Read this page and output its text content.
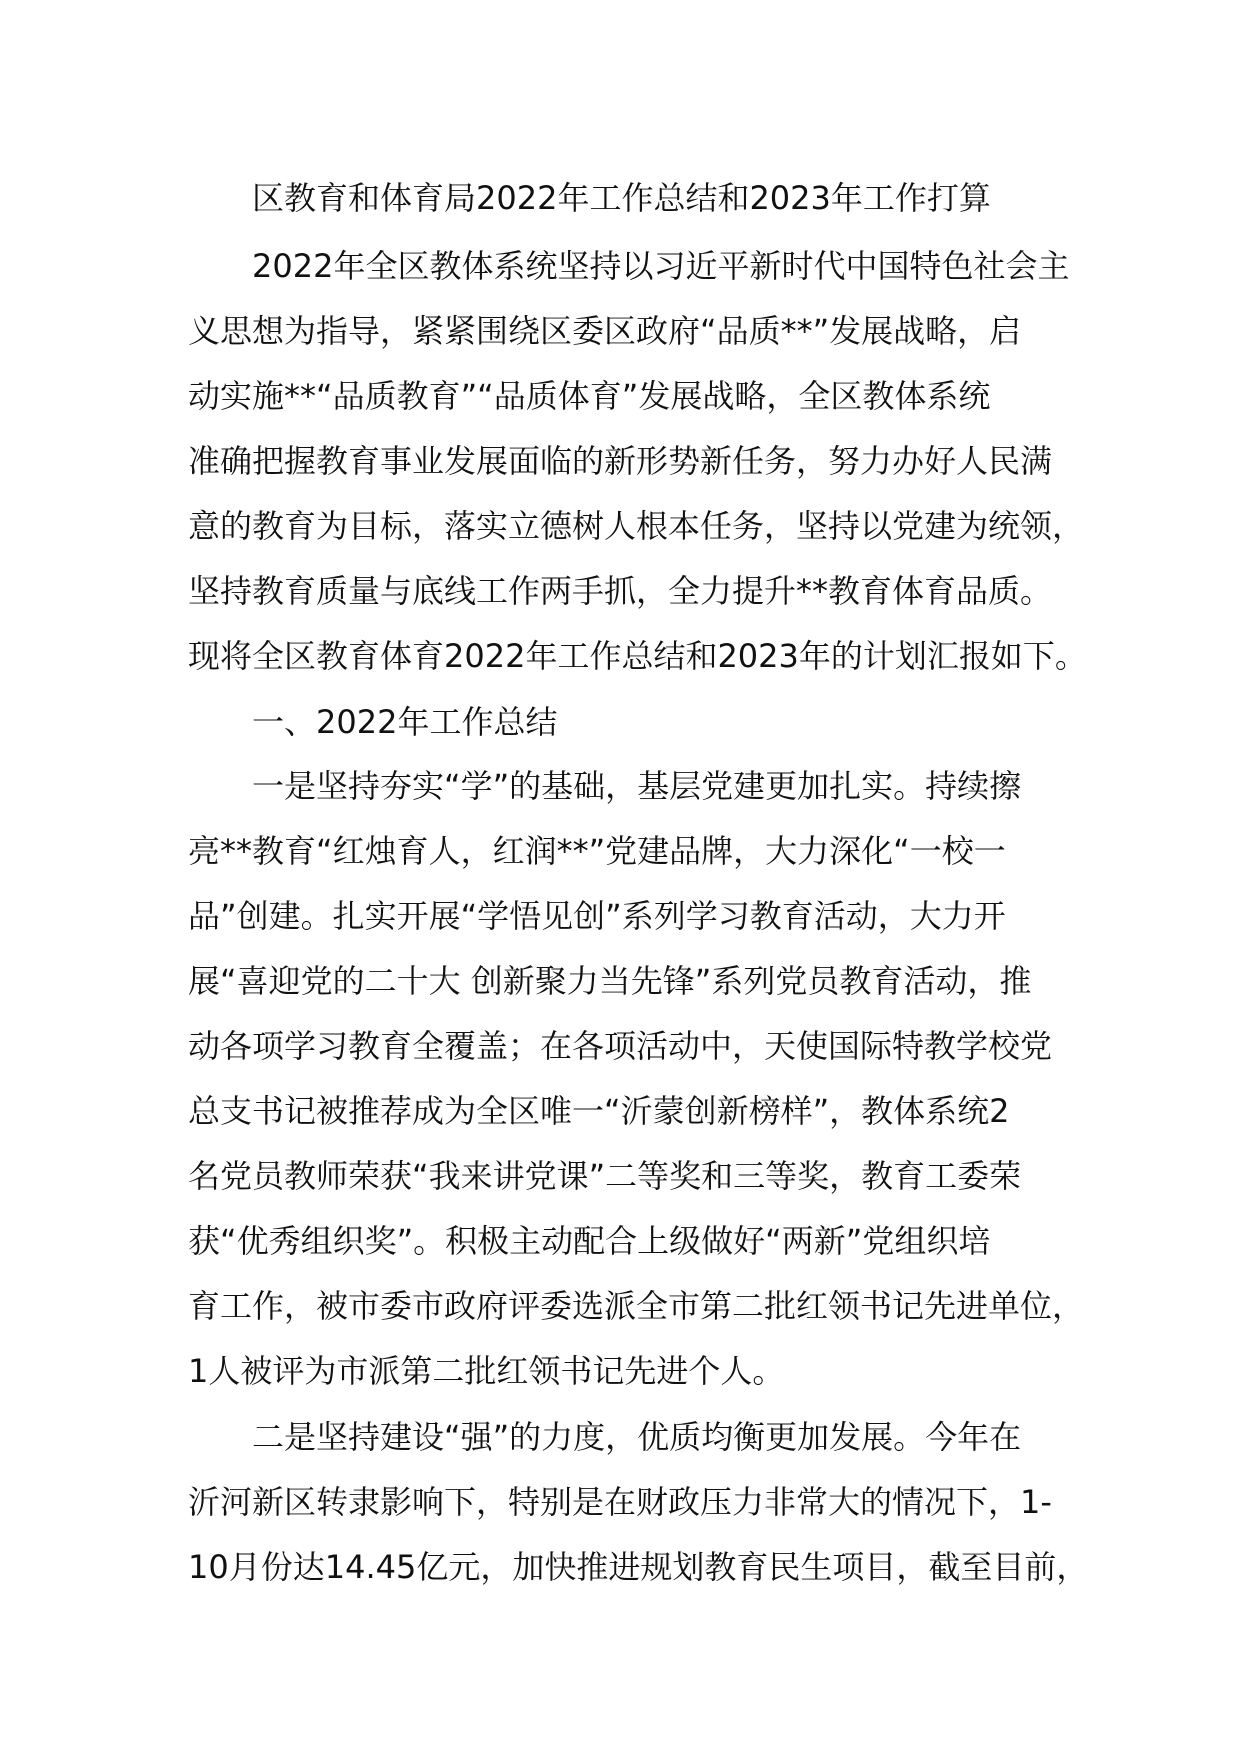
区教育和体育局2022年工作总结和2023年工作打算
2022年全区教体系统坚持以习近平新时代中国特色社会主
义思想为指导，紧紧围绕区委区政府“品质**”发展战略，启
动实施**“品质教育”“品质体育”发展战略，全区教体系统
准确把握教育事业发展面临的新形势新任务，努力办好人民满
意的教育为目标，落实立德树人根本任务，坚持以党建为统领，
坚持教育质量与底线工作两手抓，全力提升**教育体育品质。
现将全区教育体育2022年工作总结和2023年的计划汇报如下。
一、2022年工作总结
一是坚持夯实“学”的基础，基层党建更加扎实。持续擦
亮**教育“红烛育人，红润**”党建品牌，大力深化“一校一
品”创建。扎实开展“学悟见创”系列学习教育活动，大力开
展“喜迎党的二十大 创新聚力当先锋”系列党员教育活动，推
动各项学习教育全覆盖；在各项活动中，天使国际特教学校党
总支书记被推荐成为全区唯一“沂蒙创新榜样”，教体系统2
名党员教师荣获“我来讲党课”二等奖和三等奖，教育工委荣
获“优秀组织奖”。积极主动配合上级做好“两新”党组织培
育工作，被市委市政府评委选派全市第二批红领书记先进单位，
1人被评为市派第二批红领书记先进个人。
二是坚持建设“强”的力度，优质均衡更加发展。今年在
沂河新区转隶影响下，特别是在财政压力非常大的情况下，1-
10月份达14.45亿元，加快推进规划教育民生项目，截至目前，
